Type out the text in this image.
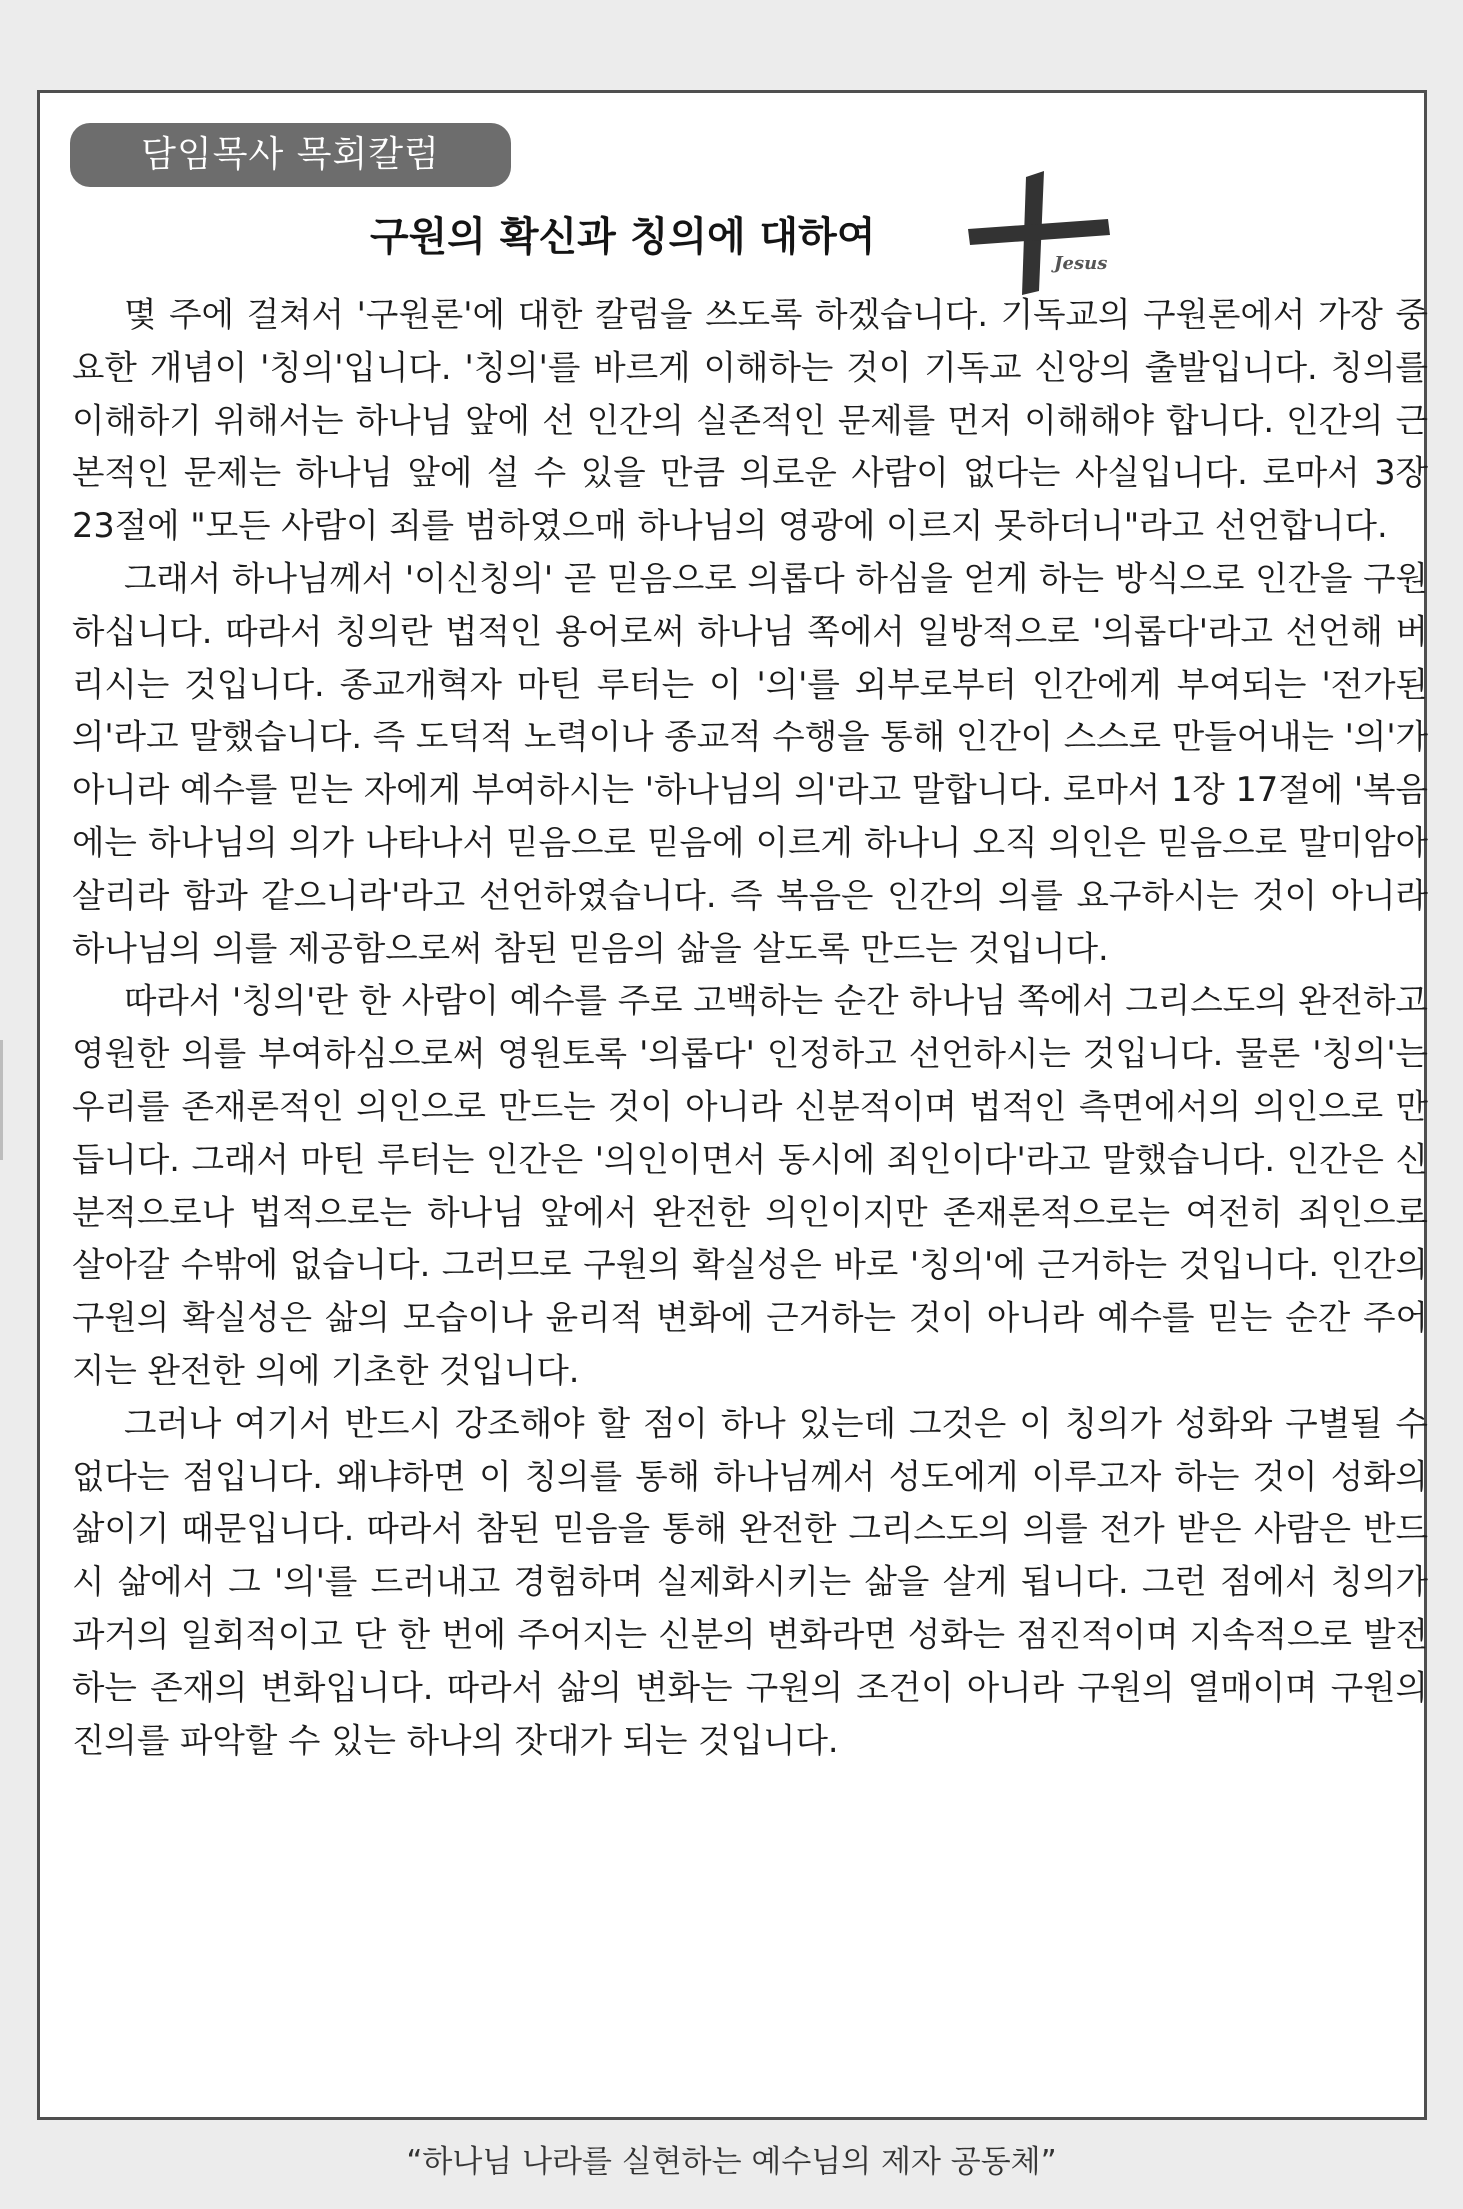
담임목사 목회칼럼
구원의 확신과 칭의에 대하여
Jesus

몇 주에 걸쳐서 '구원론'에 대한 칼럼을 쓰도록 하겠습니다. 기독교의 구원론에서 가장 중요한 개념이 '칭의'입니다. '칭의'를 바르게 이해하는 것이 기독교 신앙의 출발입니다. 칭의를 이해하기 위해서는 하나님 앞에 선 인간의 실존적인 문제를 먼저 이해해야 합니다. 인간의 근본적인 문제는 하나님 앞에 설 수 있을 만큼 의로운 사람이 없다는 사실입니다. 로마서 3장 23절에 "모든 사람이 죄를 범하였으매 하나님의 영광에 이르지 못하더니"라고 선언합니다.

그래서 하나님께서 '이신칭의' 곧 믿음으로 의롭다 하심을 얻게 하는 방식으로 인간을 구원하십니다. 따라서 칭의란 법적인 용어로써 하나님 쪽에서 일방적으로 '의롭다'라고 선언해 버리시는 것입니다. 종교개혁자 마틴 루터는 이 '의'를 외부로부터 인간에게 부여되는 '전가된 의'라고 말했습니다. 즉 도덕적 노력이나 종교적 수행을 통해 인간이 스스로 만들어내는 '의'가 아니라 예수를 믿는 자에게 부여하시는 '하나님의 의'라고 말합니다. 로마서 1장 17절에 '복음에는 하나님의 의가 나타나서 믿음으로 믿음에 이르게 하나니 오직 의인은 믿음으로 말미암아 살리라 함과 같으니라'라고 선언하였습니다. 즉 복음은 인간의 의를 요구하시는 것이 아니라 하나님의 의를 제공함으로써 참된 믿음의 삶을 살도록 만드는 것입니다.

따라서 '칭의'란 한 사람이 예수를 주로 고백하는 순간 하나님 쪽에서 그리스도의 완전하고 영원한 의를 부여하심으로써 영원토록 '의롭다' 인정하고 선언하시는 것입니다. 물론 '칭의'는 우리를 존재론적인 의인으로 만드는 것이 아니라 신분적이며 법적인 측면에서의 의인으로 만듭니다. 그래서 마틴 루터는 인간은 '의인이면서 동시에 죄인이다'라고 말했습니다. 인간은 신분적으로나 법적으로는 하나님 앞에서 완전한 의인이지만 존재론적으로는 여전히 죄인으로 살아갈 수밖에 없습니다. 그러므로 구원의 확실성은 바로 '칭의'에 근거하는 것입니다. 인간의 구원의 확실성은 삶의 모습이나 윤리적 변화에 근거하는 것이 아니라 예수를 믿는 순간 주어지는 완전한 의에 기초한 것입니다.

그러나 여기서 반드시 강조해야 할 점이 하나 있는데 그것은 이 칭의가 성화와 구별될 수 없다는 점입니다. 왜냐하면 이 칭의를 통해 하나님께서 성도에게 이루고자 하는 것이 성화의 삶이기 때문입니다. 따라서 참된 믿음을 통해 완전한 그리스도의 의를 전가 받은 사람은 반드시 삶에서 그 '의'를 드러내고 경험하며 실제화시키는 삶을 살게 됩니다. 그런 점에서 칭의가 과거의 일회적이고 단 한 번에 주어지는 신분의 변화라면 성화는 점진적이며 지속적으로 발전하는 존재의 변화입니다. 따라서 삶의 변화는 구원의 조건이 아니라 구원의 열매이며 구원의 진의를 파악할 수 있는 하나의 잣대가 되는 것입니다.

“하나님 나라를 실현하는 예수님의 제자 공동체”
